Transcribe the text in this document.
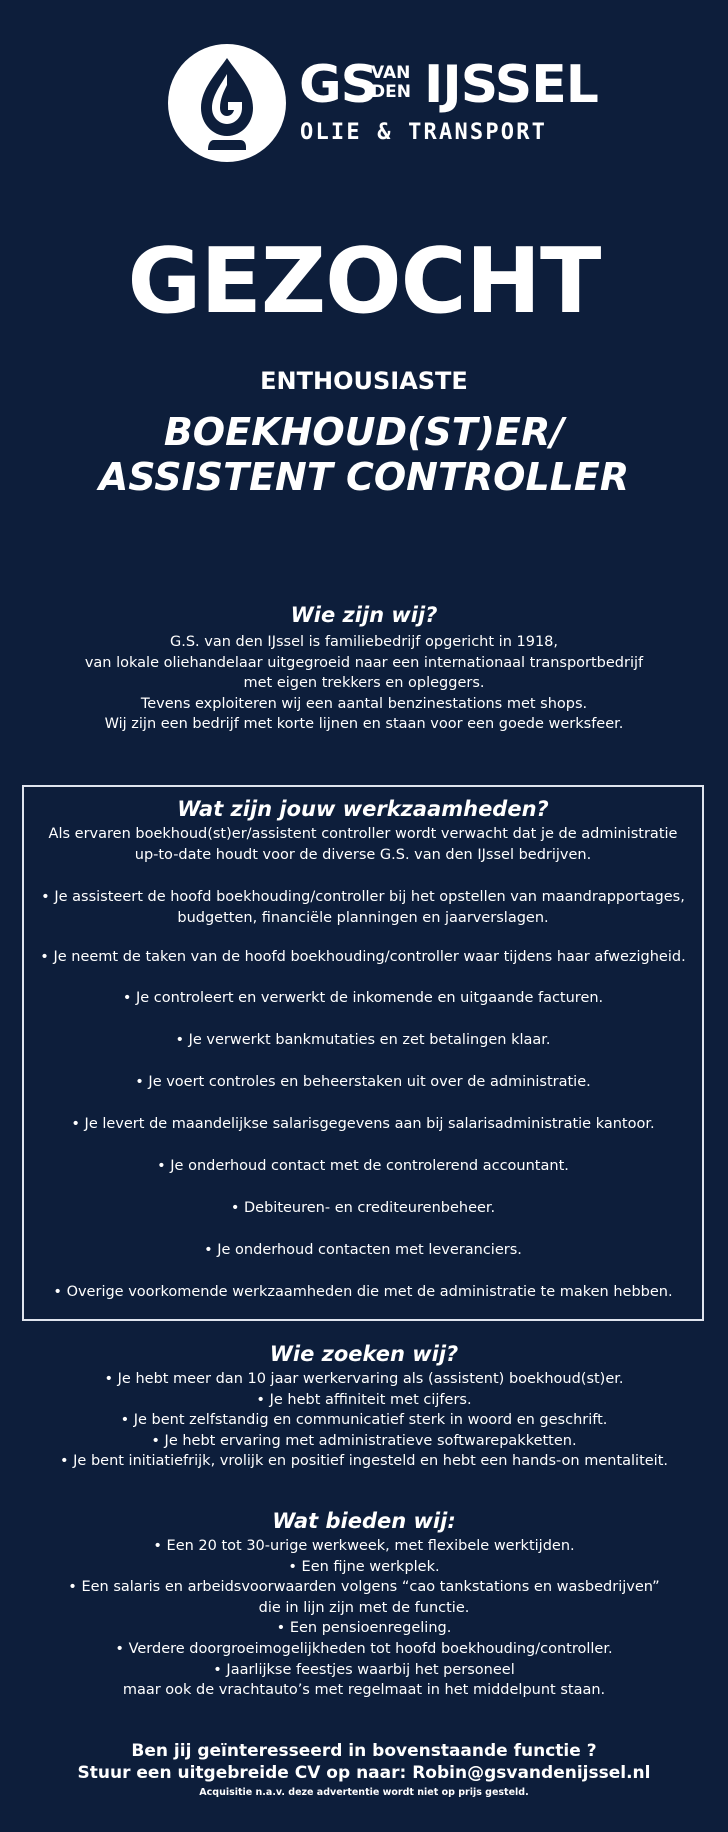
GS
VAN
DEN IJSSEL
OLIE & TRANSPORT
GEZOCHT
ENTHOUSIASTE
BOEKHOUD(ST)ER/
ASSISTENT CONTROLLER
Wie zijn wij?
G.S. van den IJssel is familiebedrijf opgericht in 1918,
van lokale oliehandelaar uitgegroeid naar een internationaal transportbedrijf
met eigen trekkers en opleggers.
Tevens exploiteren wij een aantal benzinestations met shops.
Wij zijn een bedrijf met korte lijnen en staan voor een goede werksfeer.
Wat zijn jouw werkzaamheden?
Als ervaren boekhoud(st)er/assistent controller wordt verwacht dat je de administratie
up-to-date houdt voor de diverse G.S. van den IJssel bedrijven.
• Je assisteert de hoofd boekhouding/controller bij het opstellen van maandrapportages,
budgetten, financiële planningen en jaarverslagen.
• Je neemt de taken van de hoofd boekhouding/controller waar tijdens haar afwezigheid.
• Je controleert en verwerkt de inkomende en uitgaande facturen.
• Je verwerkt bankmutaties en zet betalingen klaar.
• Je voert controles en beheerstaken uit over de administratie.
• Je levert de maandelijkse salarisgegevens aan bij salarisadministratie kantoor.
• Je onderhoud contact met de controlerend accountant.
• Debiteuren- en crediteurenbeheer.
• Je onderhoud contacten met leveranciers.
• Overige voorkomende werkzaamheden die met de administratie te maken hebben.
Wie zoeken wij?
• Je hebt meer dan 10 jaar werkervaring als (assistent) boekhoud(st)er.
• Je hebt affiniteit met cijfers.
• Je bent zelfstandig en communicatief sterk in woord en geschrift.
• Je hebt ervaring met administratieve softwarepakketten.
• Je bent initiatiefrijk, vrolijk en positief ingesteld en hebt een hands-on mentaliteit.
Wat bieden wij:
• Een 20 tot 30-urige werkweek, met flexibele werktijden.
• Een fijne werkplek.
• Een salaris en arbeidsvoorwaarden volgens “cao tankstations en wasbedrijven”
die in lijn zijn met de functie.
• Een pensioenregeling.
• Verdere doorgroeimogelijkheden tot hoofd boekhouding/controller.
• Jaarlijkse feestjes waarbij het personeel
maar ook de vrachtauto’s met regelmaat in het middelpunt staan.
Ben jij geïnteresseerd in bovenstaande functie ?
Stuur een uitgebreide CV op naar: Robin@gsvandenijssel.nl
Acquisitie n.a.v. deze advertentie wordt niet op prijs gesteld.
